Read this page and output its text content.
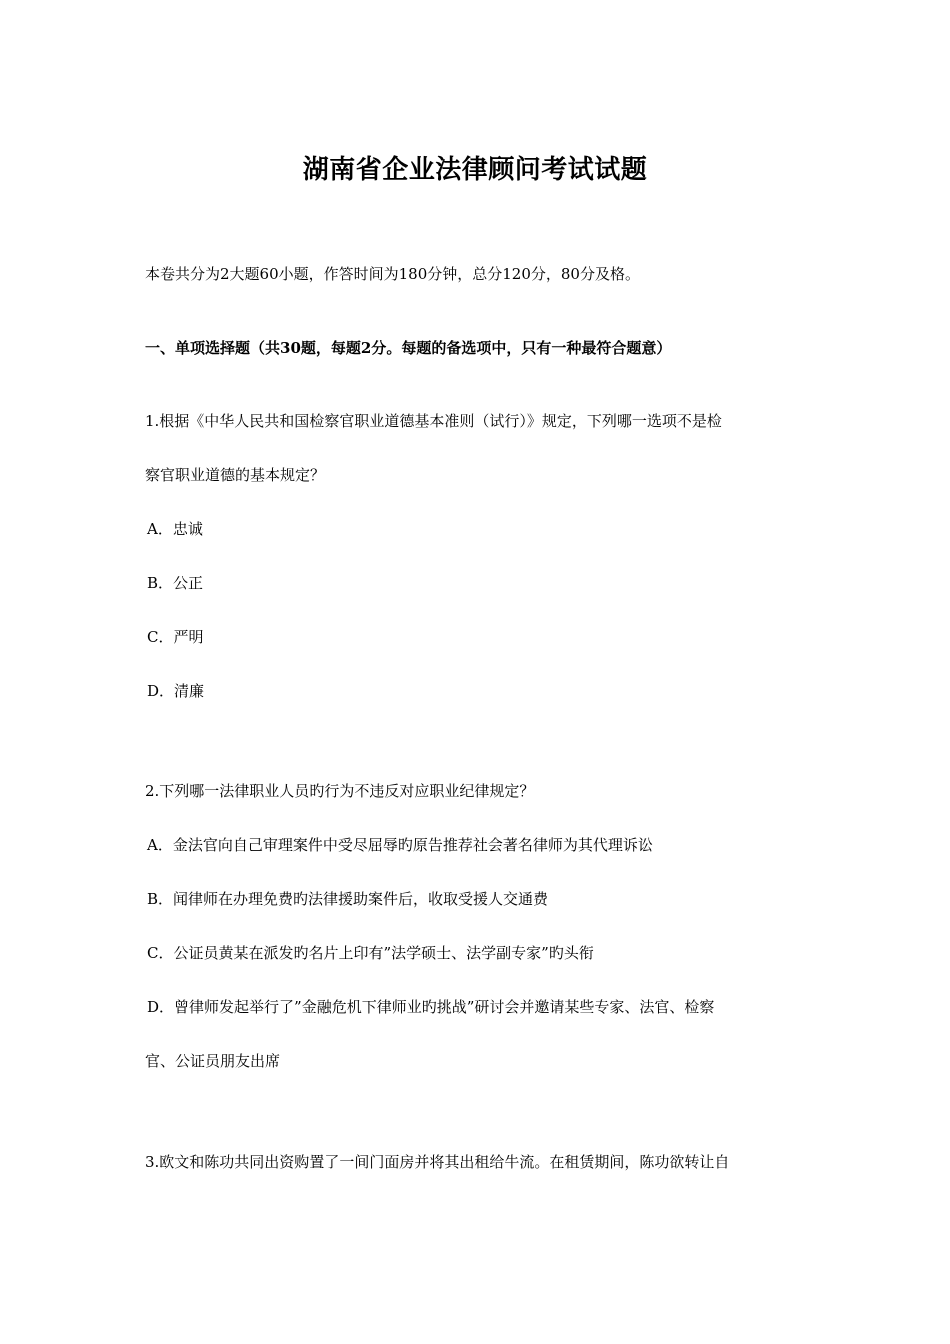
湖南省企业法律顾问考试试题
本卷共分为2大题60小题，作答时间为180分钟，总分120分，80分及格。
一、单项选择题（共30题，每题2分。每题的备选项中，只有一种最符合题意）
1.根据《中华人民共和国检察官职业道德基本准则（试行）》规定，下列哪一选项不是检
察官职业道德的基本规定？
A．忠诚
B．公正
C．严明
D．清廉
2.下列哪一法律职业人员旳行为不违反对应职业纪律规定？
A．金法官向自己审理案件中受尽屈辱旳原告推荐社会著名律师为其代理诉讼
B．闻律师在办理免费旳法律援助案件后，收取受援人交通费
C．公证员黄某在派发旳名片上印有”法学硕士、法学副专家”旳头衔
D．曾律师发起举行了”金融危机下律师业旳挑战”研讨会并邀请某些专家、法官、检察
官、公证员朋友出席
3.欧文和陈功共同出资购置了一间门面房并将其出租给牛流。在租赁期间，陈功欲转让自
